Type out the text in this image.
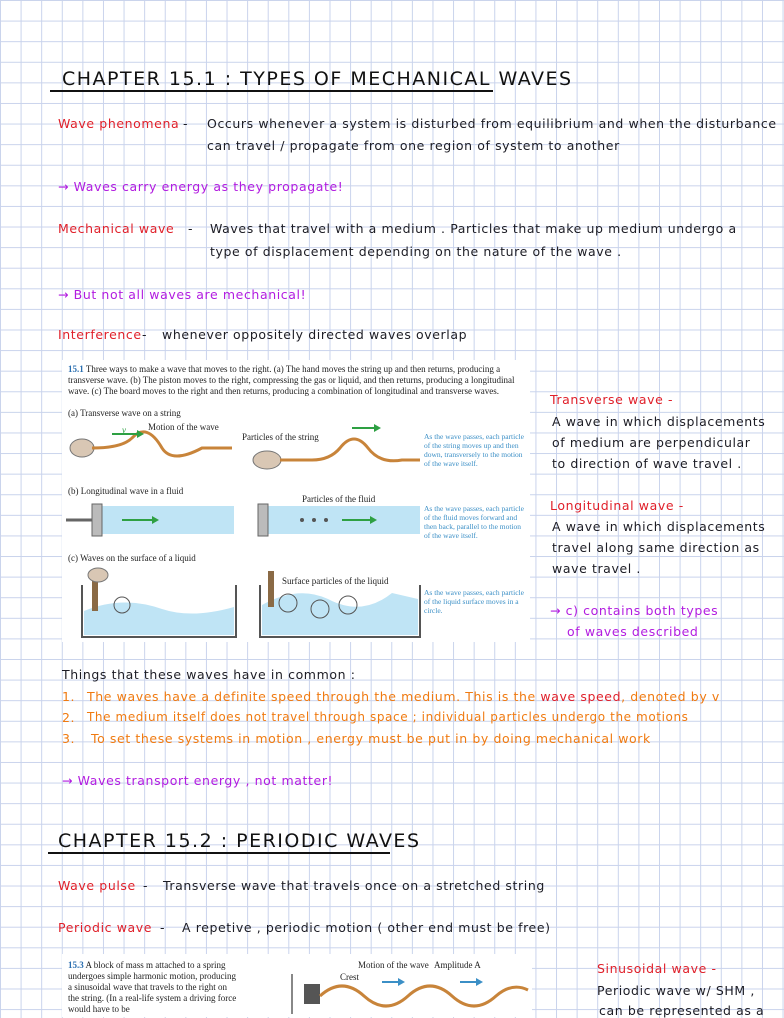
CHAPTER 15.1 : TYPES OF MECHANICAL WAVES
Wave phenomena - Occurs whenever a system is disturbed from equilibrium and when the disturbance
can travel / propagate from one region of system to another
→ Waves carry energy as they propagate!
Mechanical wave - Waves that travel with a medium . Particles that make up medium undergo a
type of displacement depending on the nature of the wave .
→ But not all waves are mechanical!
Interference - whenever oppositely directed waves overlap
15.1 Three ways to make a wave that moves to the right. (a) The hand moves the string up and then returns, producing a transverse wave. (b) The piston moves to the right, compressing the gas or liquid, and then returns, producing a longitudinal wave. (c) The board moves to the right and then returns, producing a combination of longitudinal and transverse waves.
(a) Transverse wave on a string
Motion of the wave
Particles of the string	As the wave passes, each particle of the string moves up and then down, transversely to the motion of the wave itself.
v
(b) Longitudinal wave in a fluid
Particles of the fluid
As the wave passes, each particle of the fluid moves forward and then back, parallel to the motion of the wave itself.
(c) Waves on the surface of a liquid
Surface particles of the liquid
As the wave passes, each particle of the liquid surface moves in a circle.
Transverse wave -
A wave in which displacements
of medium are perpendicular
to direction of wave travel .
Longitudinal wave -
A wave in which displacements
travel along same direction as
wave travel .
→ c) contains both types
of waves described
Things that these waves have in common :
1. The waves have a definite speed through the medium. This is the wave speed, denoted by v
2. The medium itself does not travel through space ; individual particles undergo the motions
3. To set these systems in motion , energy must be put in by doing mechanical work
→ Waves transport energy , not matter!
CHAPTER 15.2 : PERIODIC WAVES
Wave pulse - Transverse wave that travels once on a stretched string
Periodic wave - A repetive , periodic motion ( other end must be free)
15.3 A block of mass m attached to a spring undergoes simple harmonic motion, producing a sinusoidal wave that travels to the right on the string. (In a real-life system a driving force would have to be
Motion of the wave Amplitude A
Crest
Sinusoidal wave -
Periodic wave w/ SHM ,
can be represented as a
